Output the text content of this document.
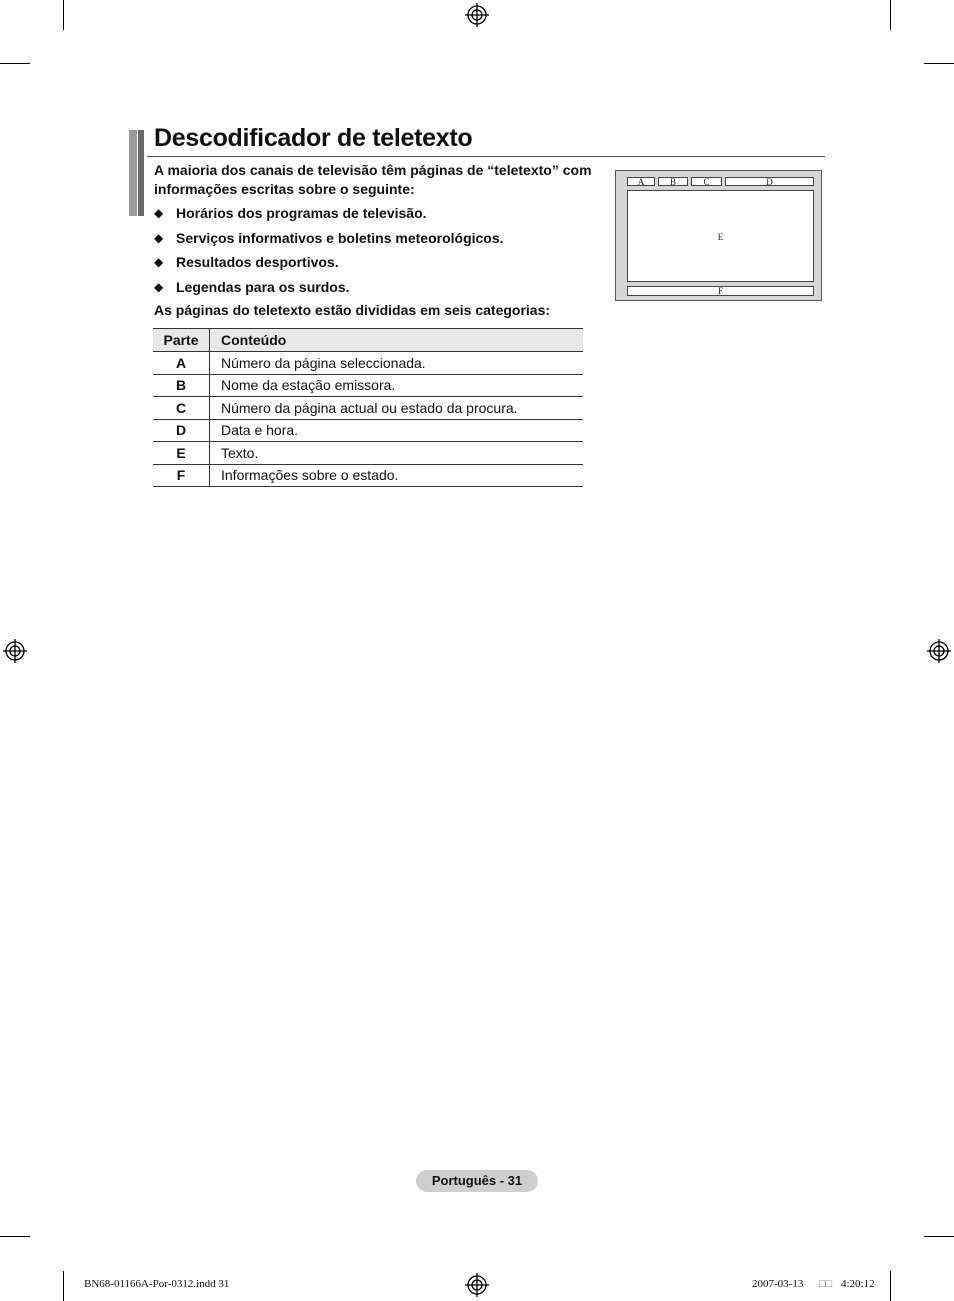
Descodificador de teletexto
A maioria dos canais de televisão têm páginas de “teletexto” com informações escritas sobre o seguinte:
◆ Horários dos programas de televisão.
◆ Serviços informativos e boletins meteorológicos.
◆ Resultados desportivos.
◆ Legendas para os surdos.
As páginas do teletexto estão divididas em seis categorias:
Parte	Conteúdo
A	Número da página seleccionada.
B	Nome da estação emissora.
C	Número da página actual ou estado da procura.
D	Data e hora.
E	Texto.
F	Informações sobre o estado.
A	B	C	D
E
F
Português - 31
BN68-01166A-Por-0312.indd 31	2007-03-13 □□ 4:20:12
